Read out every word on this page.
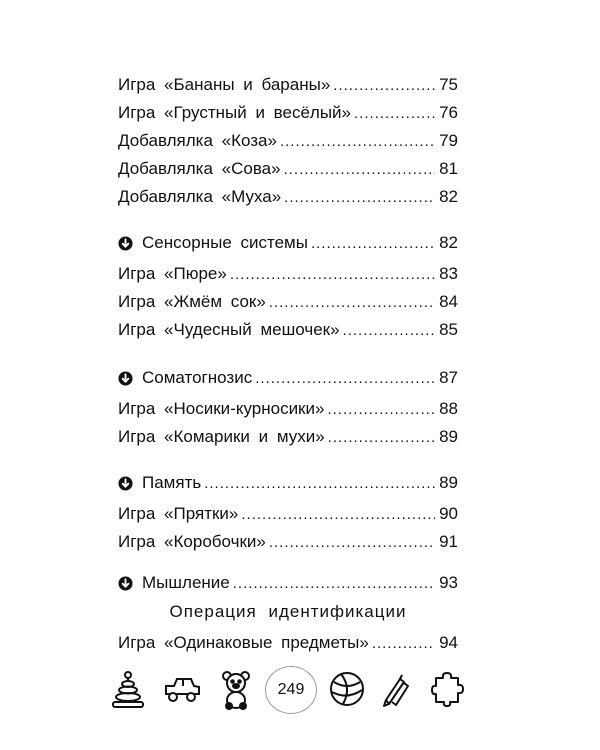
Игра «Бананы и бараны» .....	75
Игра «Грустный и весёлый» .....	76
Добавлялка «Коза» .....	79
Добавлялка «Сова» .....	81
Добавлялка «Муха» .....	82
Сенсорные системы .....	82
Игра «Пюре» .....	83
Игра «Жмём сок» .....	84
Игра «Чудесный мешочек» .....	85
Соматогнозис .....	87
Игра «Носики-курносики» .....	88
Игра «Комарики и мухи» .....	89
Память .....	89
Игра «Прятки» .....	90
Игра «Коробочки» .....	91
Мышление .....	93
Операция идентификации
Игра «Одинаковые предметы» .....	94
249
